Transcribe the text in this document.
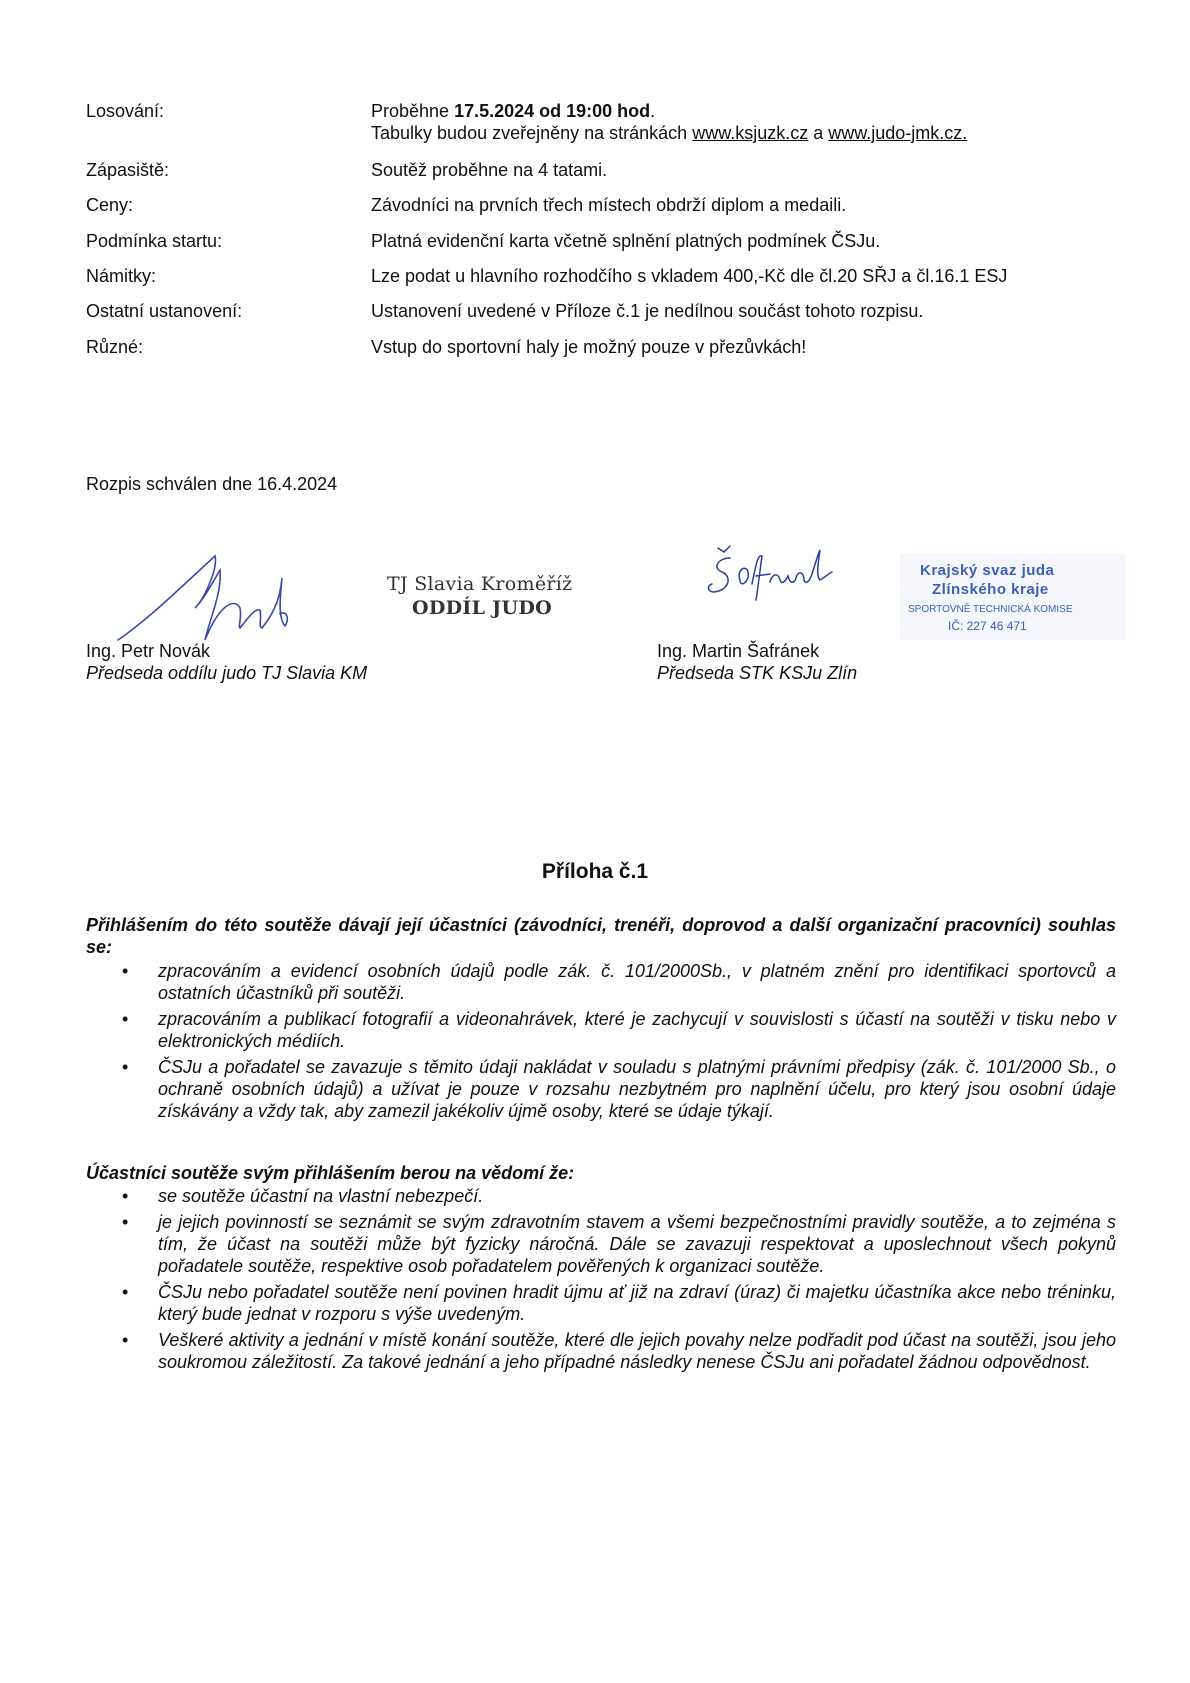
Losování:	Proběhne 17.5.2024 od 19:00 hod.
Tabulky budou zveřejněny na stránkách www.ksjuzk.cz a www.judo-jmk.cz.
Zápasiště:	Soutěž proběhne na 4 tatami.
Ceny:	Závodníci na prvních třech místech obdrží diplom a medaili.
Podmínka startu:	Platná evidenční karta včetně splnění platných podmínek ČSJu.
Námitky:	Lze podat u hlavního rozhodčího s vkladem 400,-Kč dle čl.20 SŘJ a čl.16.1 ESJ
Ostatní ustanovení:	Ustanovení uvedené v Příloze č.1 je nedílnou součást tohoto rozpisu.
Různé:	Vstup do sportovní haly je možný pouze v přezůvkách!
Rozpis schválen dne 16.4.2024
TJ Slavia Kroměříž
ODDÍL JUDO
Krajský svaz juda
Zlínského kraje
SPORTOVNĚ TECHNICKÁ KOMISE
IČ: 227 46 471
Ing. Petr Novák
Předseda oddílu judo TJ Slavia KM
Ing. Martin Šafránek
Předseda STK KSJu Zlín
Příloha č.1
Přihlášením do této soutěže dávají její účastníci (závodníci, trenéři, doprovod a další organizační pracovníci) souhlas se:
• zpracováním a evidencí osobních údajů podle zák. č. 101/2000Sb., v platném znění pro identifikaci sportovců a ostatních účastníků při soutěži.
• zpracováním a publikací fotografií a videonahrávek, které je zachycují v souvislosti s účastí na soutěži v tisku nebo v elektronických médiích.
• ČSJu a pořadatel se zavazuje s těmito údaji nakládat v souladu s platnými právními předpisy (zák. č. 101/2000 Sb., o ochraně osobních údajů) a užívat je pouze v rozsahu nezbytném pro naplnění účelu, pro který jsou osobní údaje získávány a vždy tak, aby zamezil jakékoliv újmě osoby, které se údaje týkají.
Účastníci soutěže svým přihlášením berou na vědomí že:
• se soutěže účastní na vlastní nebezpečí.
• je jejich povinností se seznámit se svým zdravotním stavem a všemi bezpečnostními pravidly soutěže, a to zejména s tím, že účast na soutěži může být fyzicky náročná. Dále se zavazuji respektovat a uposlechnout všech pokynů pořadatele soutěže, respektive osob pořadatelem pověřených k organizaci soutěže.
• ČSJu nebo pořadatel soutěže není povinen hradit újmu ať již na zdraví (úraz) či majetku účastníka akce nebo tréninku, který bude jednat v rozporu s výše uvedeným.
• Veškeré aktivity a jednání v místě konání soutěže, které dle jejich povahy nelze podřadit pod účast na soutěži, jsou jeho soukromou záležitostí. Za takové jednání a jeho případné následky nenese ČSJu ani pořadatel žádnou odpovědnost.
